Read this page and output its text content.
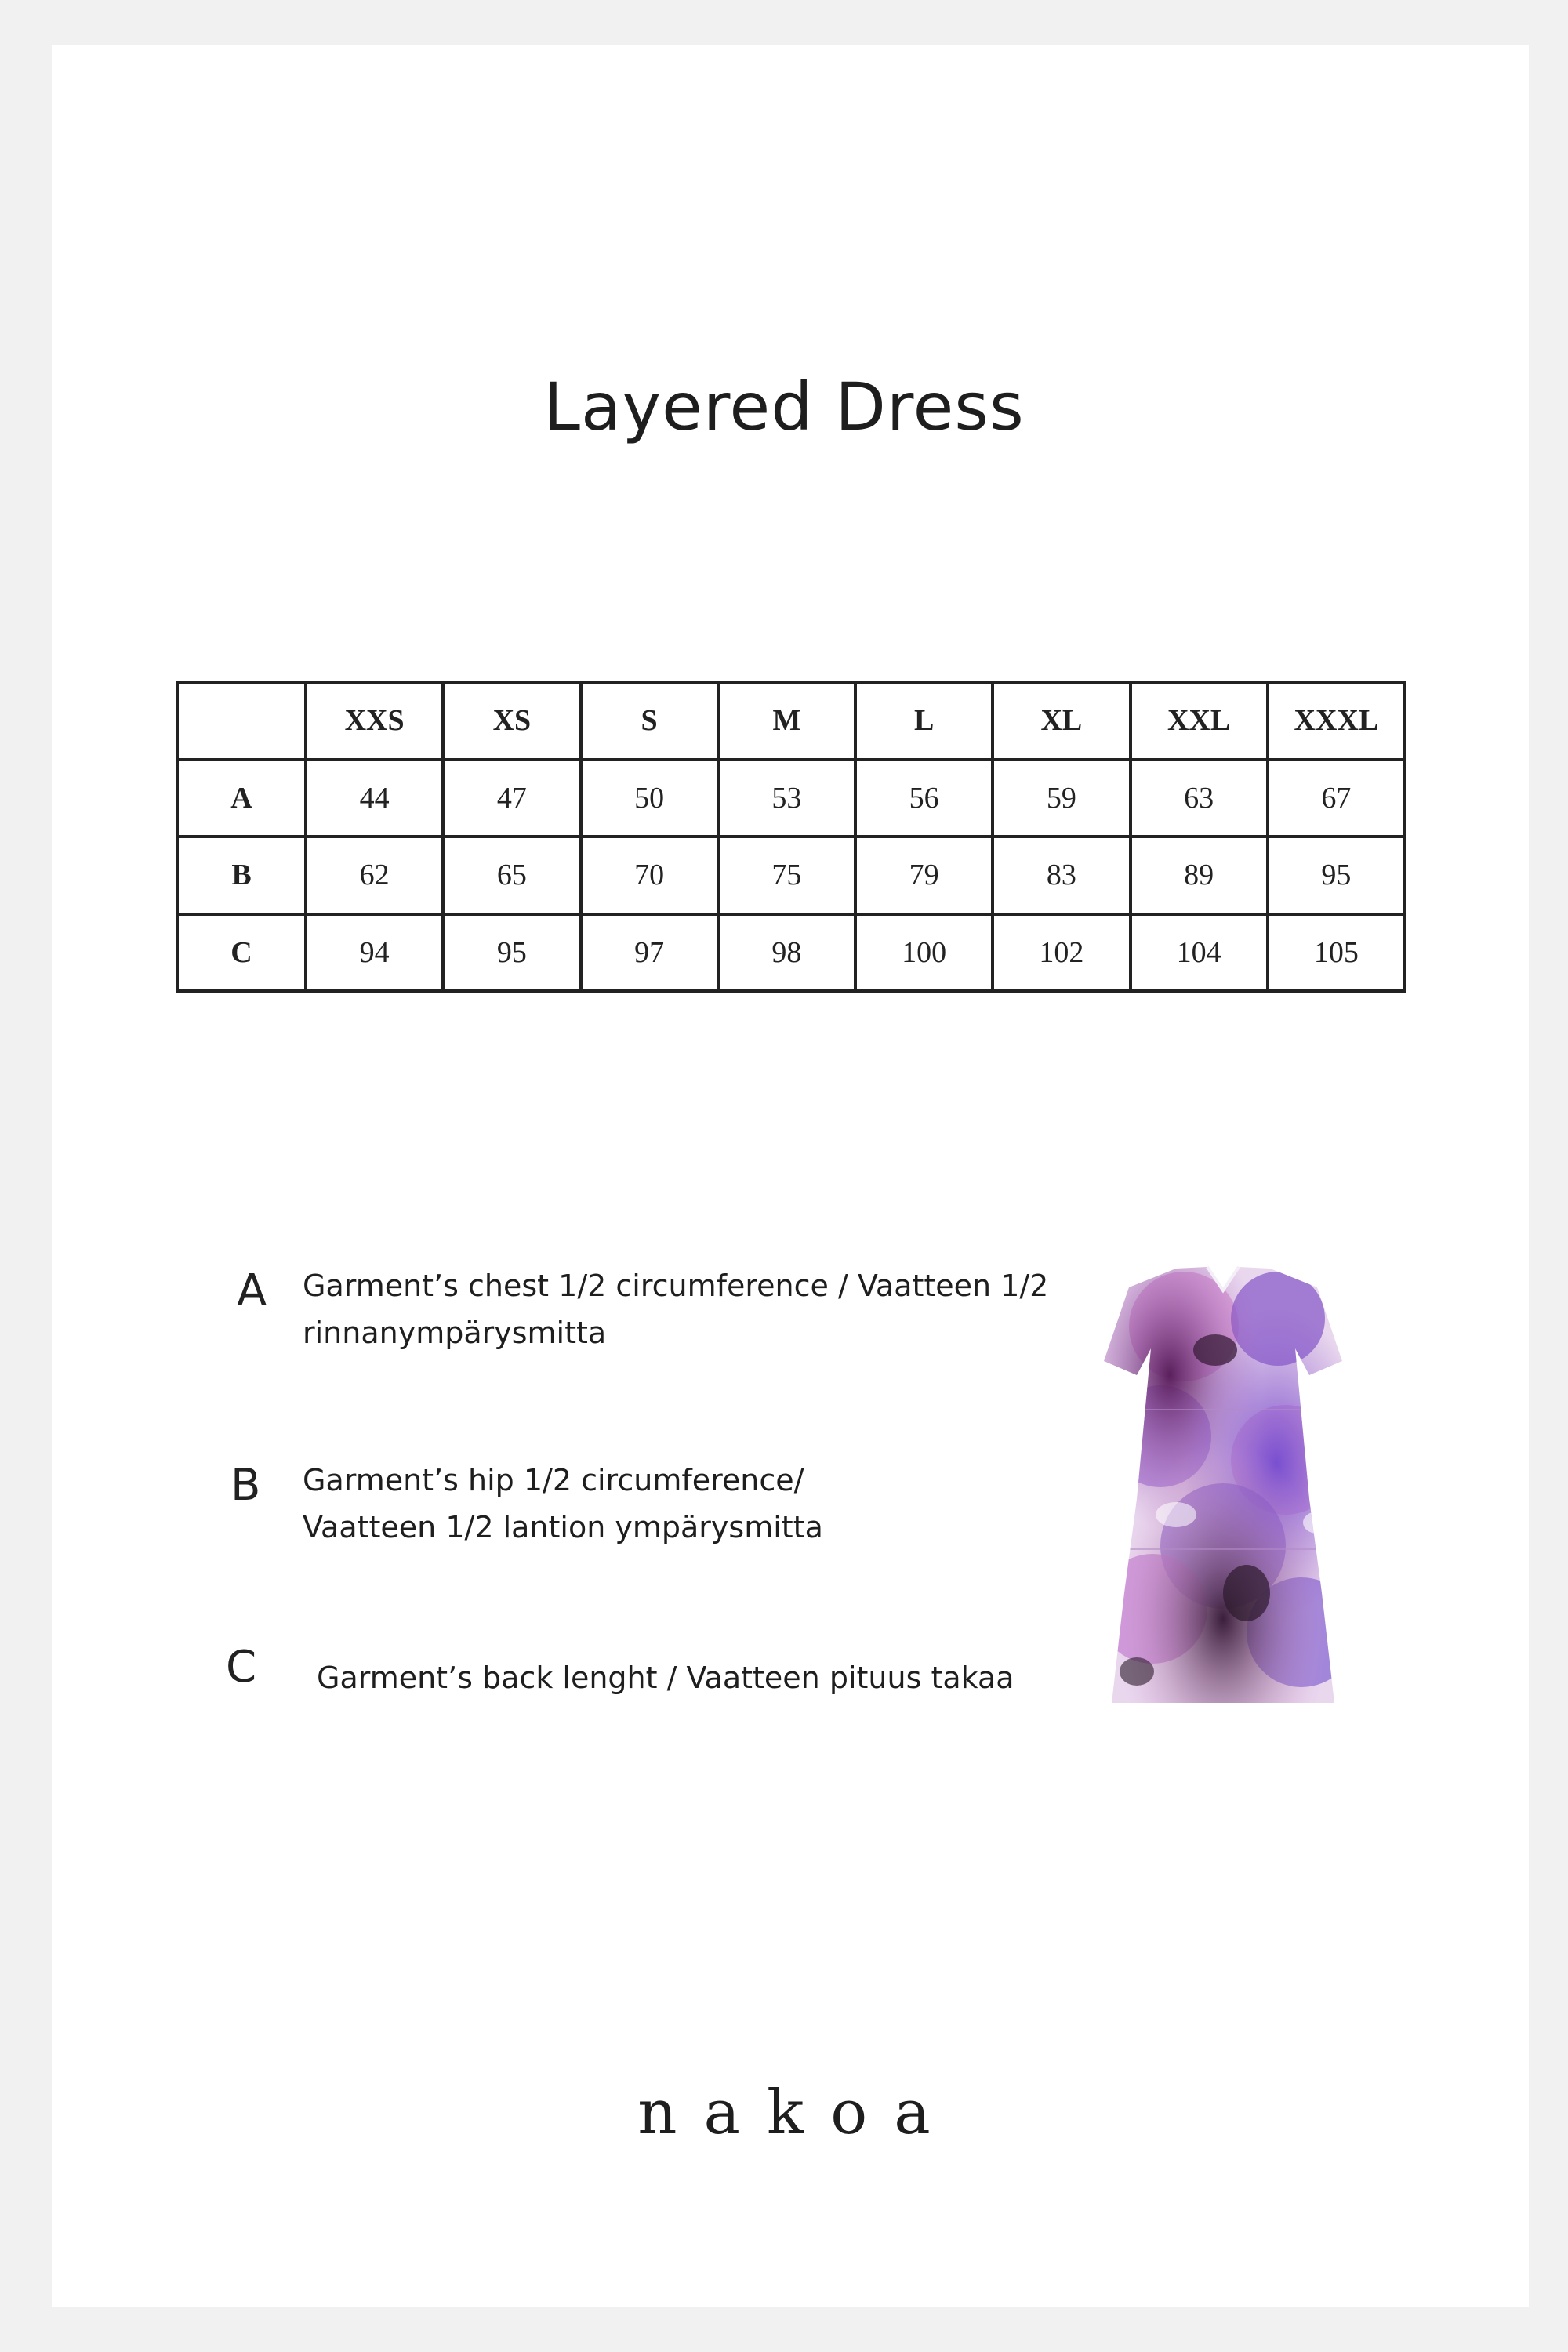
Layered Dress
	XXS	XS	S	M	L	XL	XXL	XXXL
A	44	47	50	53	56	59	63	67
B	62	65	70	75	79	83	89	95
C	94	95	97	98	100	102	104	105
A Garment’s chest 1/2 circumference / Vaatteen 1/2
rinnanympärysmitta
B Garment’s hip 1/2 circumference/
Vaatteen 1/2 lantion ympärysmitta
C Garment’s back lenght / Vaatteen pituus takaa
nakoa
